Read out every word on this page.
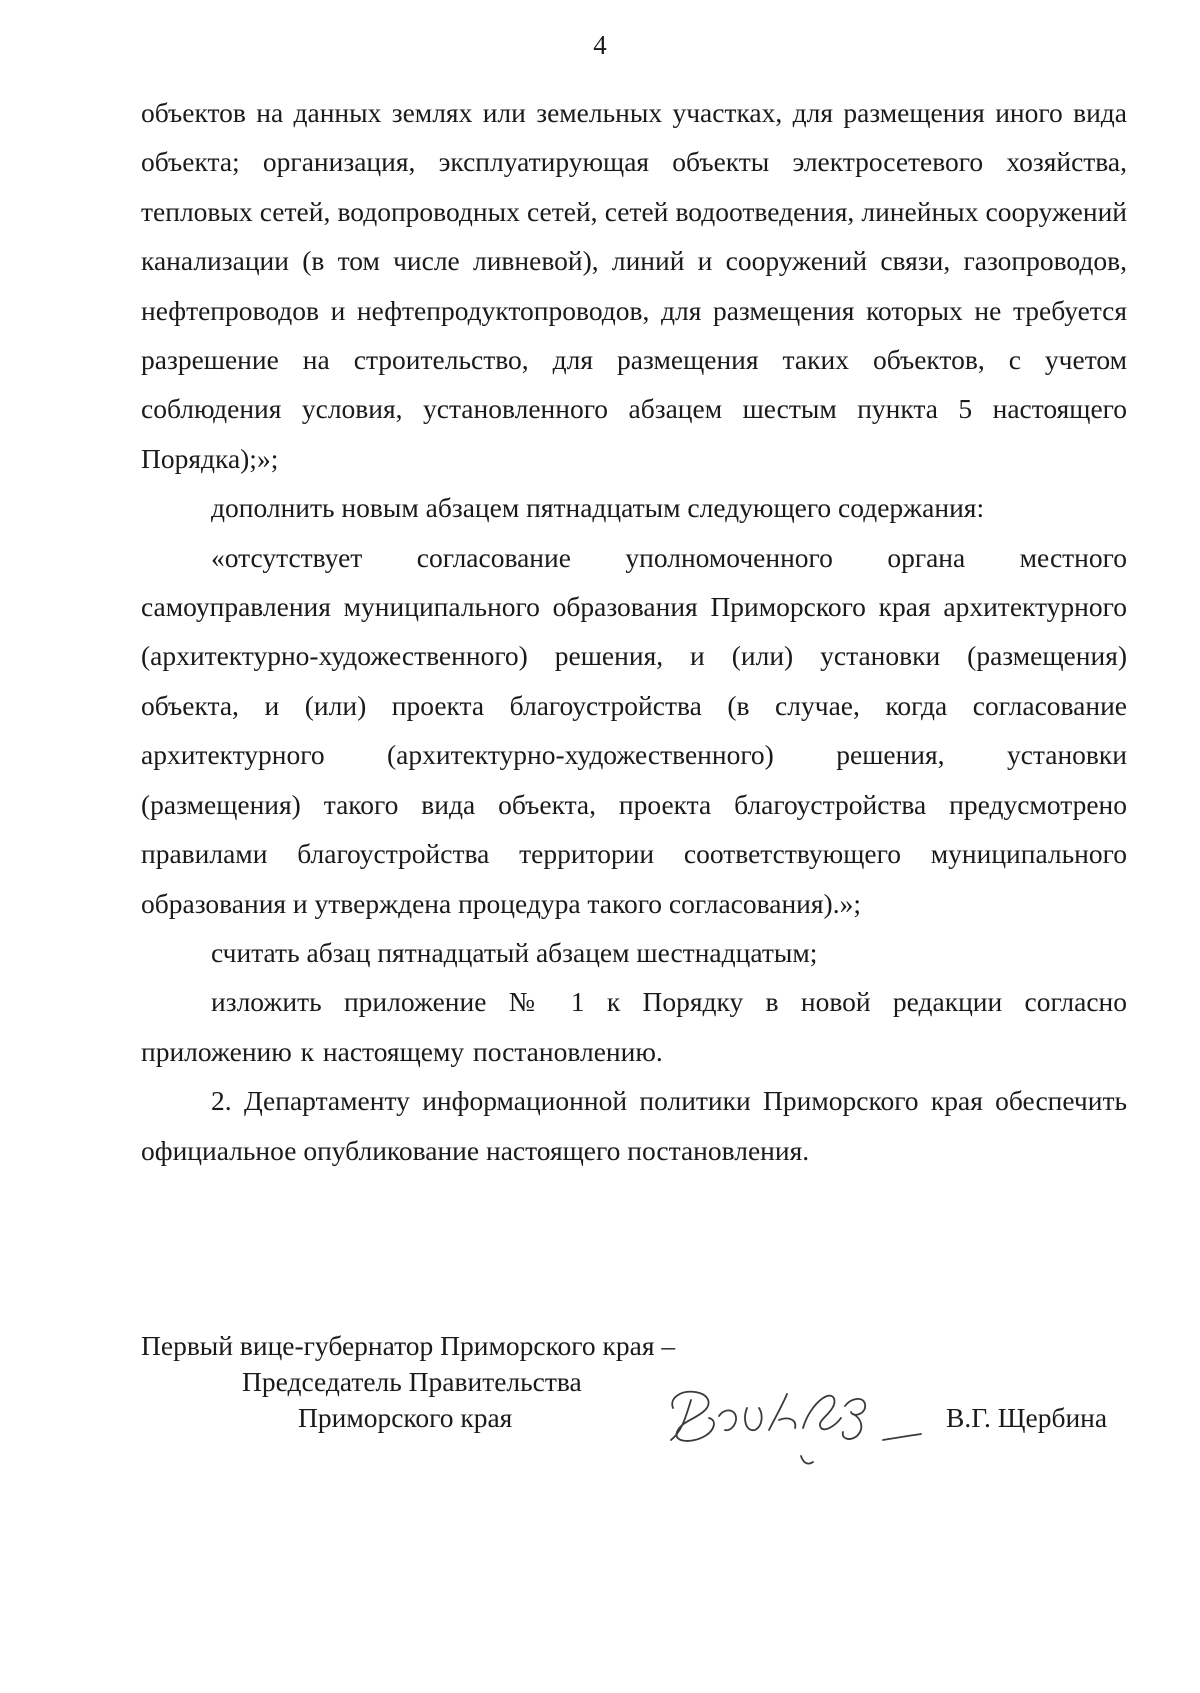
4

объектов на данных землях или земельных участках, для размещения иного вида объекта; организация, эксплуатирующая объекты электросетевого хозяйства, тепловых сетей, водопроводных сетей, сетей водоотведения, линейных сооружений канализации (в том числе ливневой), линий и сооружений связи, газопроводов, нефтепроводов и нефтепродуктопроводов, для размещения которых не требуется разрешение на строительство, для размещения таких объектов, с учетом соблюдения условия, установленного абзацем шестым пункта 5 настоящего Порядка);»;

дополнить новым абзацем пятнадцатым следующего содержания:

«отсутствует согласование уполномоченного органа местного самоуправления муниципального образования Приморского края архитектурного (архитектурно-художественного) решения, и (или) установки (размещения) объекта, и (или) проекта благоустройства (в случае, когда согласование архитектурного (архитектурно-художественного) решения, установки (размещения) такого вида объекта, проекта благоустройства предусмотрено правилами благоустройства территории соответствующего муниципального образования и утверждена процедура такого согласования).»;

считать абзац пятнадцатый абзацем шестнадцатым;

изложить приложение № 1 к Порядку в новой редакции согласно приложению к настоящему постановлению.

2. Департаменту информационной политики Приморского края обеспечить официальное опубликование настоящего постановления.

Первый вице-губернатор Приморского края –
Председатель Правительства
Приморского края	В.Г. Щербина
